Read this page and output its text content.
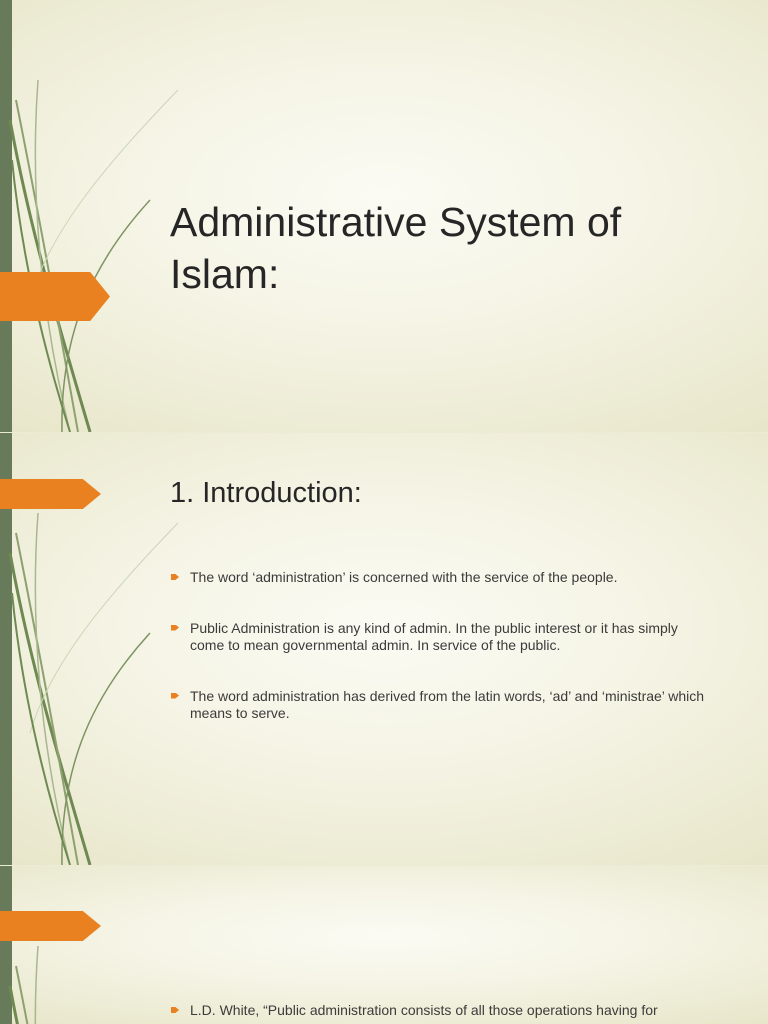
Administrative System of Islam:
1. Introduction:
The word ‘administration’ is concerned with the service of the people.
Public Administration is any kind of admin. In the public interest or it has simply come to mean governmental admin. In service of the public.
The word administration has derived from the latin words, ‘ad’ and ‘ministrae’ which means to serve.
L.D. White, “Public administration consists of all those operations having for
